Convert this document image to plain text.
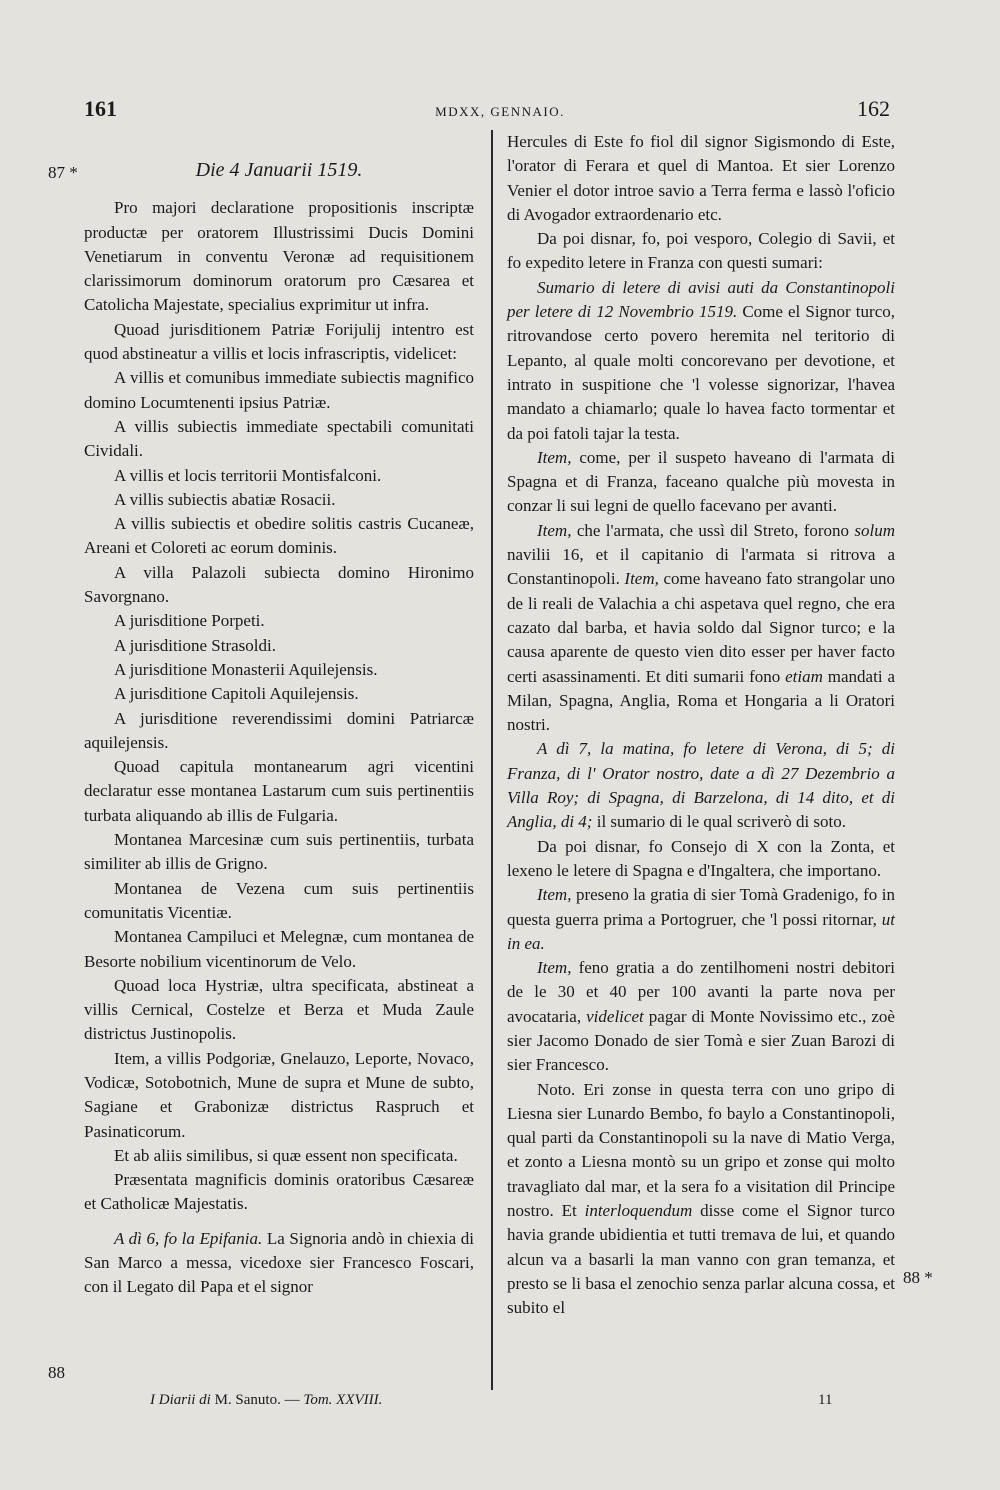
161	MDXX, GENNAIO.	162
87 *
88
88 *

Die 4 Januarii 1519.

Pro majori declaratione propositionis inscriptæ productæ per oratorem Illustrissimi Ducis Domini Venetiarum in conventu Veronæ ad requisitionem clarissimorum dominorum oratorum pro Cæsarea et Catolicha Majestate, specialius exprimitur ut infra.

Quoad jurisditionem Patriæ Forijulij intentro est quod abstineatur a villis et locis infrascriptis, videlicet:

A villis et comunibus immediate subiectis magnifico domino Locumtenenti ipsius Patriæ.

A villis subiectis immediate spectabili comunitati Cividali.

A villis et locis territorii Montisfalconi.

A villis subiectis abatiæ Rosacii.

A villis subiectis et obedire solitis castris Cucaneæ, Areani et Coloreti ac eorum dominis.

A villa Palazoli subiecta domino Hironimo Savorgnano.

A jurisditione Porpeti.

A jurisditione Strasoldi.

A jurisditione Monasterii Aquilejensis.

A jurisditione Capitoli Aquilejensis.

A jurisditione reverendissimi domini Patriarcæ aquilejensis.

Quoad capitula montanearum agri vicentini declaratur esse montanea Lastarum cum suis pertinentiis turbata aliquando ab illis de Fulgaria.

Montanea Marcesinæ cum suis pertinentiis, turbata similiter ab illis de Grigno.

Montanea de Vezena cum suis pertinentiis comunitatis Vicentiæ.

Montanea Campiluci et Melegnæ, cum montanea de Besorte nobilium vicentinorum de Velo.

Quoad loca Hystriæ, ultra specificata, abstineat a villis Cernical, Costelze et Berza et Muda Zaule districtus Justinopolis.

Item, a villis Podgoriæ, Gnelauzo, Leporte, Novaco, Vodicæ, Sotobotnich, Mune de supra et Mune de subto, Sagiane et Grabonizæ districtus Raspruch et Pasinaticorum.

Et ab aliis similibus, si quæ essent non specificata.

Præsentata magnificis dominis oratoribus Cæsareæ et Catholicæ Majestatis.

A dì 6, fo la Epifania. La Signoria andò in chiexia di San Marco a messa, vicedoxe sier Francesco Foscari, con il Legato dil Papa et el signor

Hercules di Este fo fiol dil signor Sigismondo di Este, l'orator di Ferara et quel di Mantoa. Et sier Lorenzo Venier el dotor introe savio a Terra ferma e lassò l'oficio di Avogador extraordenario etc.

Da poi disnar, fo, poi vesporo, Colegio di Savii, et fo expedito letere in Franza con questi sumari:

Sumario di letere di avisi auti da Constantinopoli per letere di 12 Novembrio 1519. Come el Signor turco, ritrovandose certo povero heremita nel teritorio di Lepanto, al quale molti concorevano per devotione, et intrato in suspitione che 'l volesse signorizar, l'havea mandato a chiamarlo; quale lo havea facto tormentar et da poi fatoli tajar la testa.

Item, come, per il suspeto haveano di l'armata di Spagna et di Franza, faceano qualche più movesta in conzar li sui legni de quello facevano per avanti.

Item, che l'armata, che ussì dil Streto, forono solum navilii 16, et il capitanio di l'armata si ritrova a Constantinopoli. Item, come haveano fato strangolar uno de li reali de Valachia a chi aspetava quel regno, che era cazato dal barba, et havia soldo dal Signor turco; e la causa aparente de questo vien dito esser per haver facto certi asassinamenti. Et diti sumarii fono etiam mandati a Milan, Spagna, Anglia, Roma et Hongaria a li Oratori nostri.

A dì 7, la matina, fo letere di Verona, di 5; di Franza, di l' Orator nostro, date a dì 27 Dezembrio a Villa Roy; di Spagna, di Barzelona, di 14 dito, et di Anglia, di 4; il sumario di le qual scriverò di soto.

Da poi disnar, fo Consejo di X con la Zonta, et lexeno le letere di Spagna e d'Ingaltera, che importano.

Item, preseno la gratia di sier Tomà Gradenigo, fo in questa guerra prima a Portogruer, che 'l possi ritornar, ut in ea.

Item, feno gratia a do zentilhomeni nostri debitori de le 30 et 40 per 100 avanti la parte nova per avocataria, videlicet pagar di Monte Novissimo etc., zoè sier Jacomo Donado de sier Tomà e sier Zuan Barozi di sier Francesco.

Noto. Eri zonse in questa terra con uno gripo di Liesna sier Lunardo Bembo, fo baylo a Constantinopoli, qual parti da Constantinopoli su la nave di Matio Verga, et zonto a Liesna montò su un gripo et zonse qui molto travagliato dal mar, et la sera fo a visitation dil Principe nostro. Et interloquendum disse come el Signor turco havia grande ubidientia et tutti tremava de lui, et quando alcun va a basarli la man vanno con gran temanza, et presto se li basa el zenochio senza parlar alcuna cossa, et subito el

I Diarii di M. Sanuto. — Tom. XXVIII.	11
